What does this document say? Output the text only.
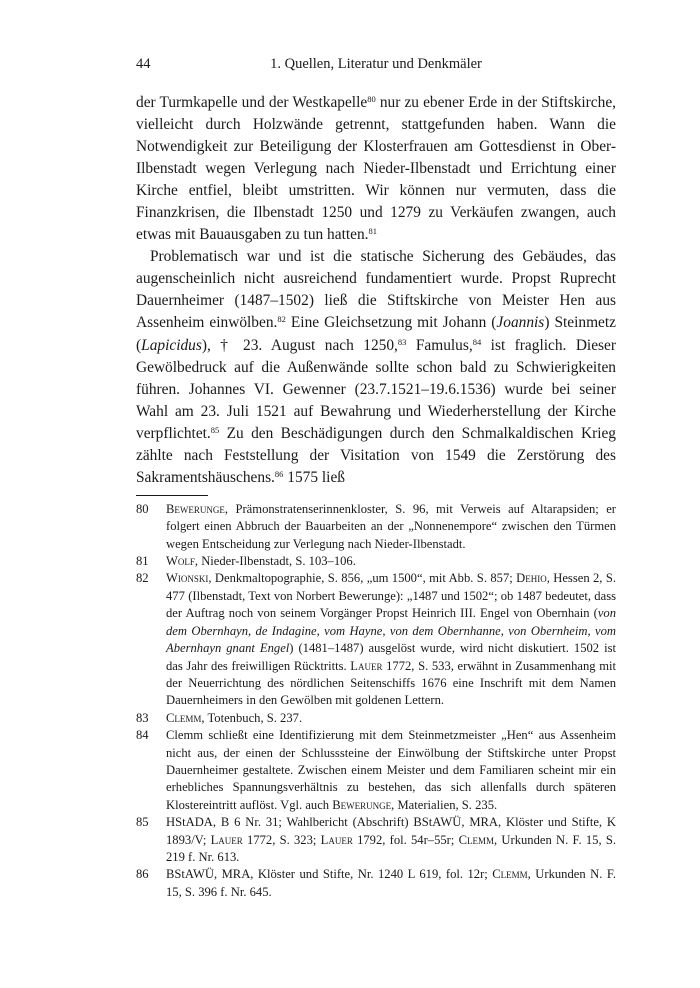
44	1. Quellen, Literatur und Denkmäler

der Turmkapelle und der Westkapelle$^{80}$ nur zu ebener Erde in der Stiftskirche, vielleicht durch Holzwände getrennt, stattgefunden haben. Wann die Notwendigkeit zur Beteiligung der Klosterfrauen am Gottesdienst in Ober-Ilbenstadt wegen Verlegung nach Nieder-Ilbenstadt und Errichtung einer Kirche entfiel, bleibt umstritten. Wir können nur vermuten, dass die Finanzkrisen, die Ilbenstadt 1250 und 1279 zu Verkäufen zwangen, auch etwas mit Bauausgaben zu tun hatten.$^{81}$

Problematisch war und ist die statische Sicherung des Gebäudes, das augenscheinlich nicht ausreichend fundamentiert wurde. Propst Ruprecht Dauernheimer (1487–1502) ließ die Stiftskirche von Meister Hen aus Assenheim einwölben.$^{82}$ Eine Gleichsetzung mit Johann (Joannis) Steinmetz (Lapicidus), † 23. August nach 1250,83 Famulus,$^{84}$ ist fraglich. Dieser Gewölbedruck auf die Außenwände sollte schon bald zu Schwierigkeiten führen. Johannes VI. Gewenner (23.7.1521–19.6.1536) wurde bei seiner Wahl am 23. Juli 1521 auf Bewahrung und Wiederherstellung der Kirche verpflichtet.$^{85}$ Zu den Beschädigungen durch den Schmalkaldischen Krieg zählte nach Feststellung der Visitation von 1549 die Zerstörung des Sakramentshäuschens.$^{86}$ 1575 ließ

80	Bewerunge, Prämonstratenserinnenkloster, S. 96, mit Verweis auf Altarapsiden; er folgert einen Abbruch der Bauarbeiten an der „Nonnenempore“ zwischen den Türmen wegen Entscheidung zur Verlegung nach Nieder-Ilbenstadt.
81	Wolf, Nieder-Ilbenstadt, S. 103–106.
82	Wionski, Denkmaltopographie, S. 856, „um 1500“, mit Abb. S. 857; Dehio, Hessen 2, S. 477 (Ilbenstadt, Text von Norbert Bewerunge): „1487 und 1502“; ob 1487 bedeutet, dass der Auftrag noch von seinem Vorgänger Propst Heinrich III. Engel von Obernhain (von dem Obernhayn, de Indagine, vom Hayne, von dem Obernhanne, von Obernheim, vom Abernhayn gnant Engel) (1481–1487) ausgelöst wurde, wird nicht diskutiert. 1502 ist das Jahr des freiwilligen Rücktritts. Lauer 1772, S. 533, erwähnt in Zusammenhang mit der Neuerrichtung des nördlichen Seitenschiffs 1676 eine Inschrift mit dem Namen Dauernheimers in den Gewölben mit goldenen Lettern.
83	Clemm, Totenbuch, S. 237.
84	Clemm schließt eine Identifizierung mit dem Steinmetzmeister „Hen“ aus Assenheim nicht aus, der einen der Schlusssteine der Einwölbung der Stiftskirche unter Propst Dauernheimer gestaltete. Zwischen einem Meister und dem Familiaren scheint mir ein erhebliches Spannungsverhältnis zu bestehen, das sich allenfalls durch späteren Klostereintritt auflöst. Vgl. auch Bewerunge, Materialien, S. 235.
85	HStADA, B 6 Nr. 31; Wahlbericht (Abschrift) BStAWÜ, MRA, Klöster und Stifte, K 1893/V; Lauer 1772, S. 323; Lauer 1792, fol. 54r–55r; Clemm, Urkunden N. F. 15, S. 219 f. Nr. 613.
86	BStAWÜ, MRA, Klöster und Stifte, Nr. 1240 L 619, fol. 12r; Clemm, Urkunden N. F. 15, S. 396 f. Nr. 645.
